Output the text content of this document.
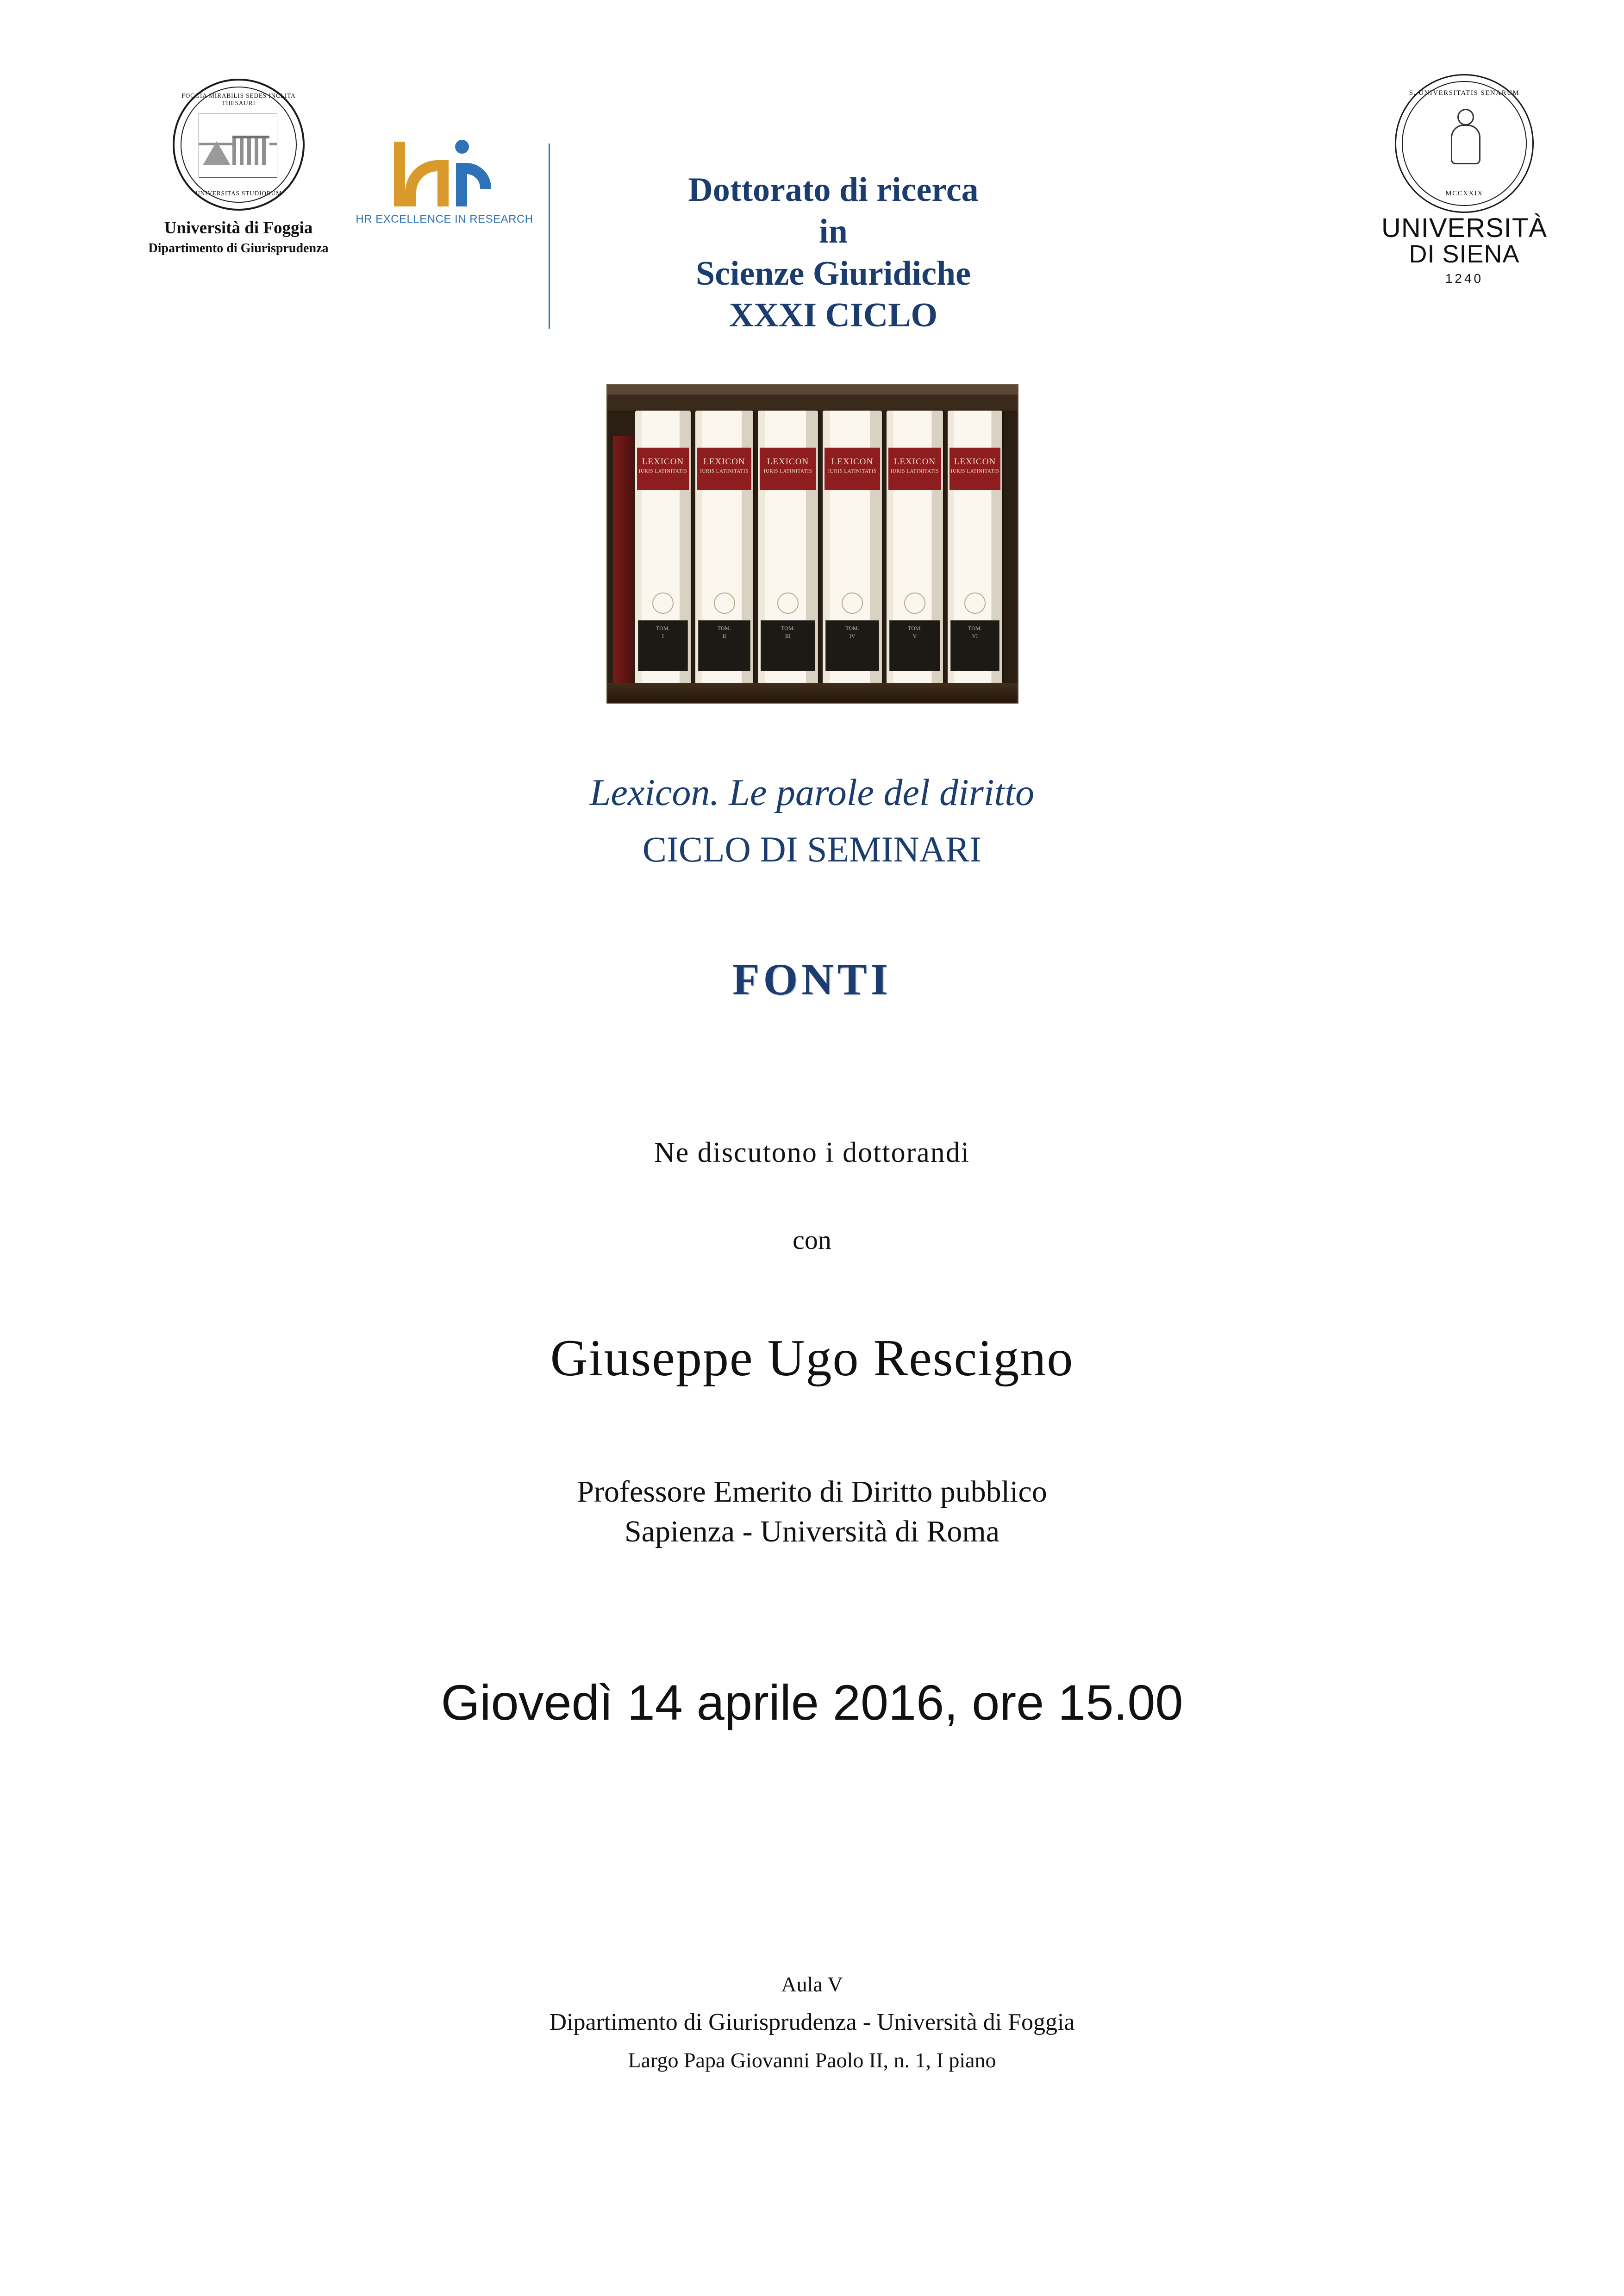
FOGGIA MIRABILIS SEDES INCLITA THESAURI
UNIVERSITAS STUDIORUM
Università di Foggia
Dipartimento di Giurisprudenza
HR EXCELLENCE IN RESEARCH
Dottorato di ricerca
in
Scienze Giuridiche
XXXI CICLO
S. UNIVERSITATIS SENARUM
MCCXXIX
UNIVERSITÀ
DI SIENA
1240
LEXICON
IURIS LATINITATIS
TOM.
I
LEXICON
IURIS LATINITATIS
TOM.
II
LEXICON
IURIS LATINITATIS
TOM.
III
LEXICON
IURIS LATINITATIS
TOM.
IV
LEXICON
IURIS LATINITATIS
TOM.
V
LEXICON
IURIS LATINITATIS
TOM.
VI
Lexicon. Le parole del diritto
CICLO DI SEMINARI
FONTI
Ne discutono i dottorandi
con
Giuseppe Ugo Rescigno
Professore Emerito di Diritto pubblico
Sapienza - Università di Roma
Giovedì 14 aprile 2016, ore 15.00
Aula V
Dipartimento di Giurisprudenza - Università di Foggia
Largo Papa Giovanni Paolo II, n. 1, I piano
